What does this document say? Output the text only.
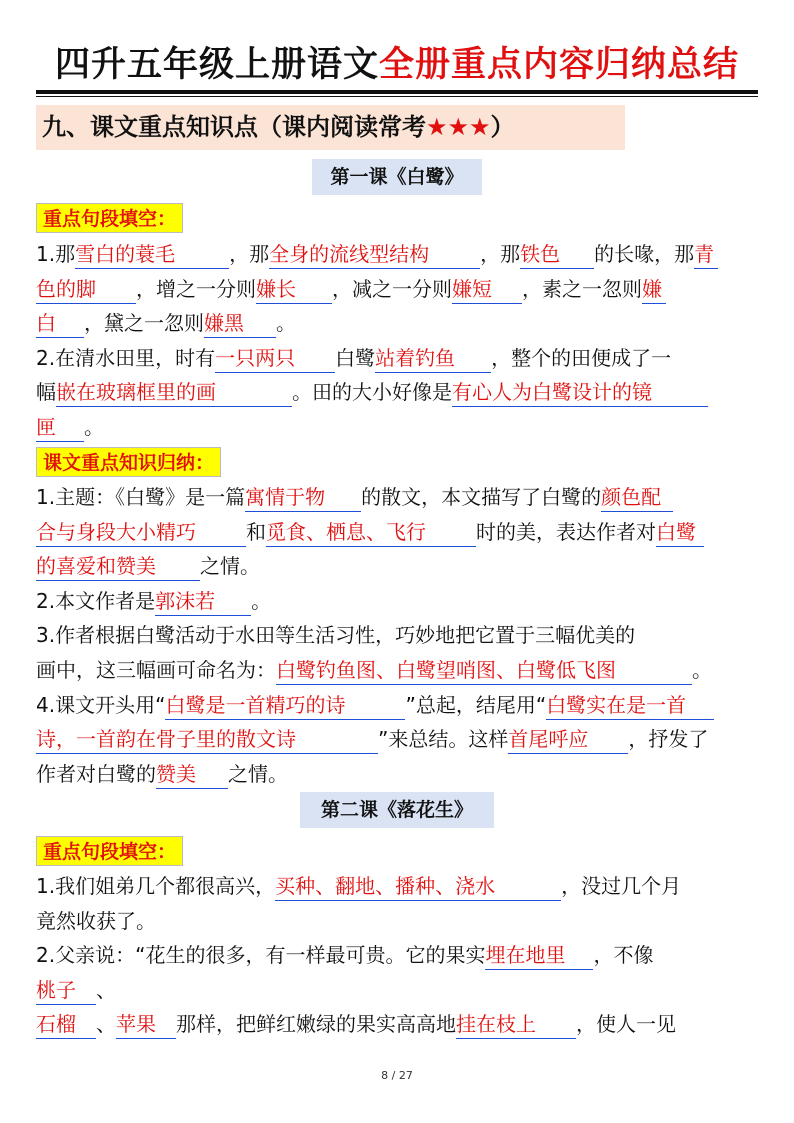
四升五年级上册语文全册重点内容归纳总结
九、课文重点知识点（课内阅读常考★★★）
第一课《白鹭》
重点句段填空：
1.那雪白的蓑毛	，那全身的流线型结构	，那铁色 的长喙，那青
色的脚 ，增之一分则嫌长 ，减之一分则嫌短 ，素之一忽则嫌
白 ，黛之一忽则嫌黑 。
2.在清水田里，时有一只两只 白鹭站着钓鱼 ，整个的田便成了一
幅嵌在玻璃框里的画	。田的大小好像是有心人为白鹭设计的镜
匣 。
课文重点知识归纳：
1.主题：《白鹭》是一篇寓情于物 的散文，本文描写了白鹭的颜色配
合与身段大小精巧	和觅食、栖息、飞行	时的美，表达作者对白鹭
的喜爱和赞美 之情。
2.本文作者是郭沫若 。
3.作者根据白鹭活动于水田等生活习性，巧妙地把它置于三幅优美的
画中，这三幅画可命名为：白鹭钓鱼图、白鹭望哨图、白鹭低飞图	。
4.课文开头用“白鹭是一首精巧的诗	”总起，结尾用“白鹭实在是一首
诗，一首韵在骨子里的散文诗	”来总结。这样首尾呼应 ，抒发了
作者对白鹭的赞美 之情。
第二课《落花生》
重点句段填空：
1.我们姐弟几个都很高兴，买种、翻地、播种、浇水	，没过几个月
竟然收获了。
2.父亲说：“花生的很多，有一样最可贵。它的果实埋在地里 ，不像
桃子 、
石榴 、苹果 那样，把鲜红嫩绿的果实高高地挂在枝上 ，使人一见
8 / 27
